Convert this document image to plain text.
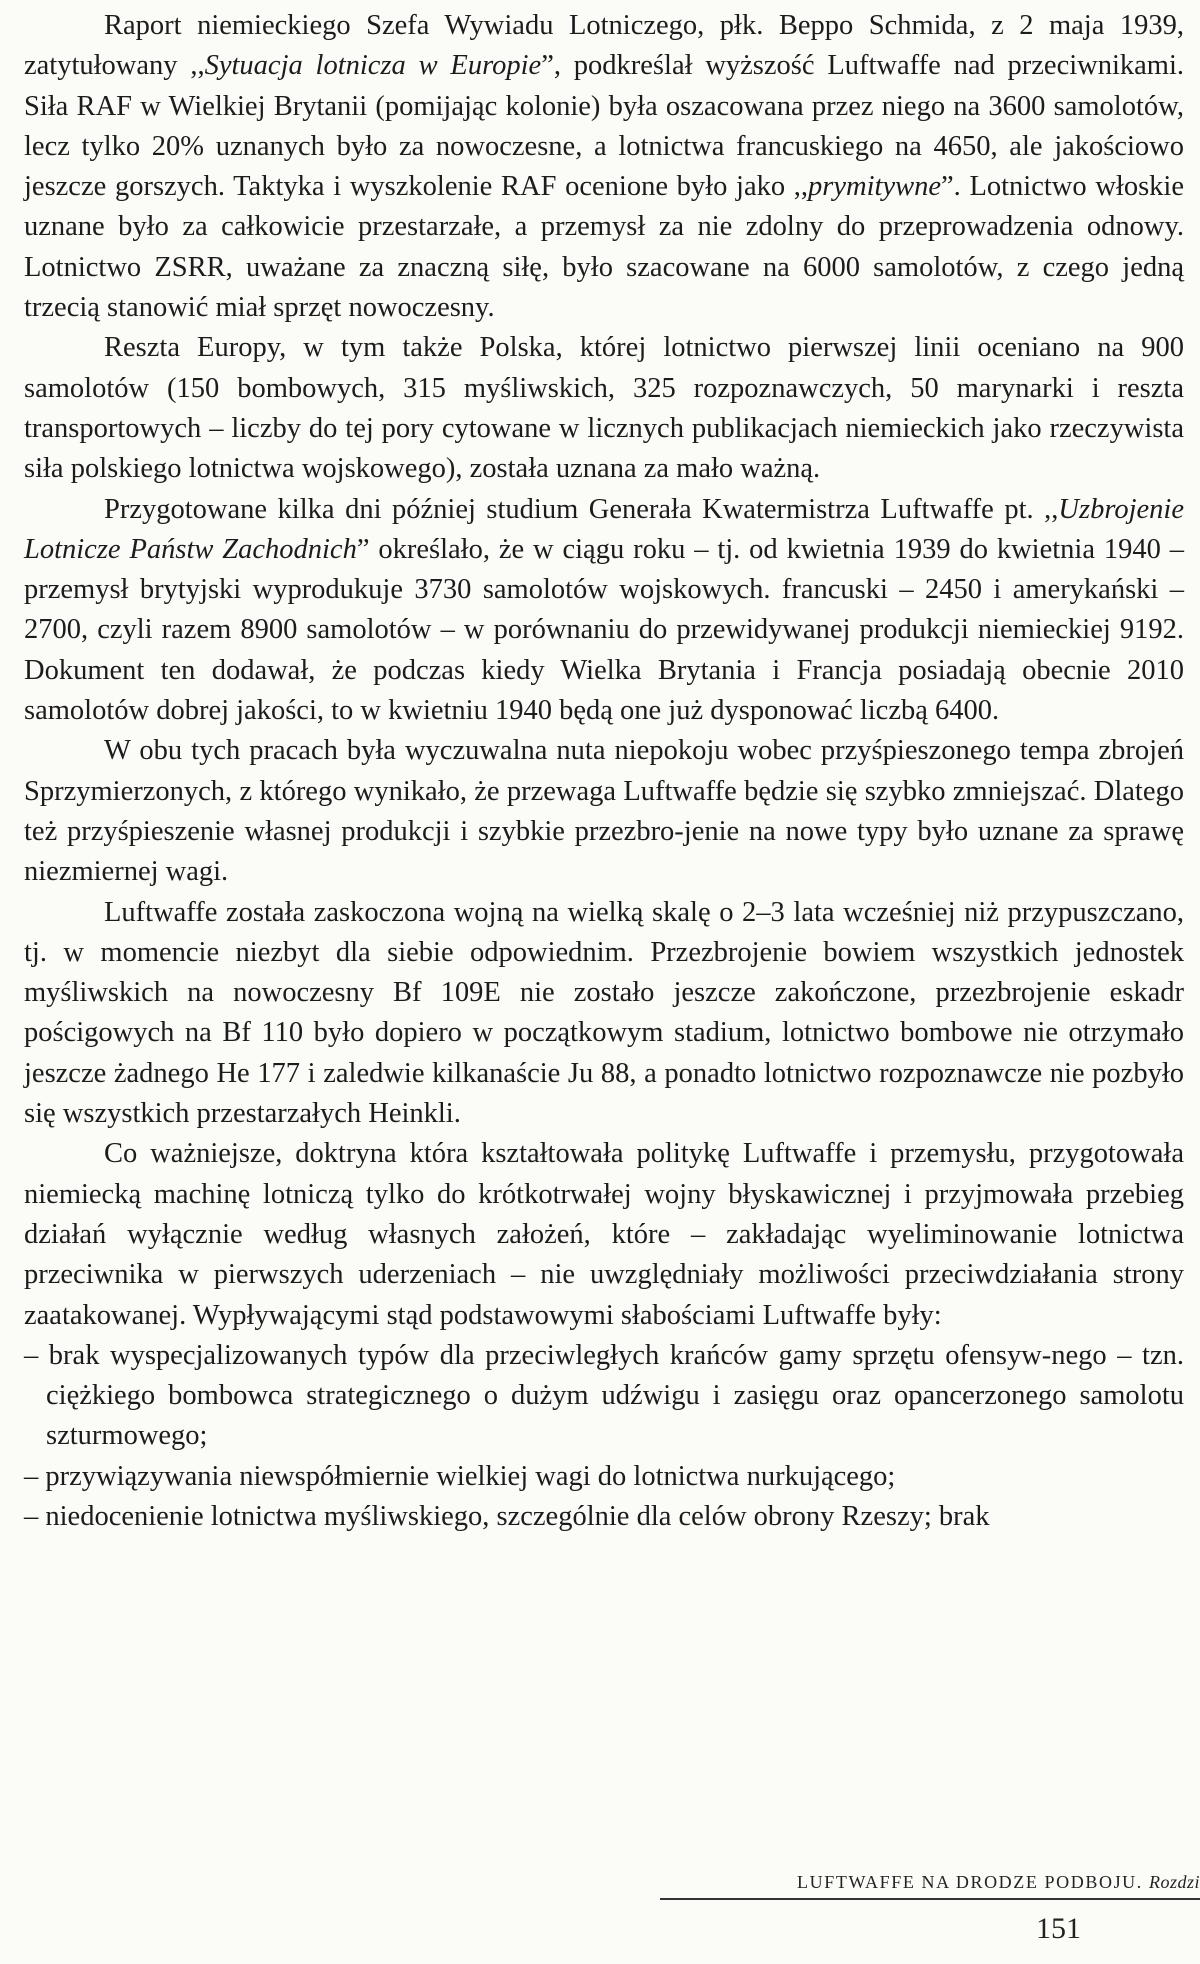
Raport niemieckiego Szefa Wywiadu Lotniczego, płk. Beppo Schmida, z 2 maja 1939, zatytułowany ,,Sytuacja lotnicza w Europie”, podkreślał wyższość Luftwaffe nad przeciwnikami. Siła RAF w Wielkiej Brytanii (pomijając kolonie) była oszacowana przez niego na 3600 samolotów, lecz tylko 20% uznanych było za nowoczesne, a lotnictwa francuskiego na 4650, ale jakościowo jeszcze gorszych. Taktyka i wyszkolenie RAF ocenione było jako ,,prymitywne”. Lotnictwo włoskie uznane było za całkowicie przestarzałe, a przemysł za nie zdolny do przeprowadzenia odnowy. Lotnictwo ZSRR, uważane za znaczną siłę, było szacowane na 6000 samolotów, z czego jedną trzecią stanowić miał sprzęt nowoczesny.

Reszta Europy, w tym także Polska, której lotnictwo pierwszej linii oceniano na 900 samolotów (150 bombowych, 315 myśliwskich, 325 rozpoznawczych, 50 marynarki i reszta transportowych – liczby do tej pory cytowane w licznych publikacjach niemieckich jako rzeczywista siła polskiego lotnictwa wojskowego), została uznana za mało ważną.

Przygotowane kilka dni później studium Generała Kwatermistrza Luftwaffe pt. ,,Uzbrojenie Lotnicze Państw Zachodnich” określało, że w ciągu roku – tj. od kwietnia 1939 do kwietnia 1940 – przemysł brytyjski wyprodukuje 3730 samolotów wojskowych. francuski – 2450 i amerykański – 2700, czyli razem 8900 samolotów – w porównaniu do przewidywanej produkcji niemieckiej 9192. Dokument ten dodawał, że podczas kiedy Wielka Brytania i Francja posiadają obecnie 2010 samolotów dobrej jakości, to w kwietniu 1940 będą one już dysponować liczbą 6400.

W obu tych pracach była wyczuwalna nuta niepokoju wobec przyśpieszonego tempa zbrojeń Sprzymierzonych, z którego wynikało, że przewaga Luftwaffe będzie się szybko zmniejszać. Dlatego też przyśpieszenie własnej produkcji i szybkie przezbro-jenie na nowe typy było uznane za sprawę niezmiernej wagi.

Luftwaffe została zaskoczona wojną na wielką skalę o 2–3 lata wcześniej niż przypuszczano, tj. w momencie niezbyt dla siebie odpowiednim. Przezbrojenie bowiem wszystkich jednostek myśliwskich na nowoczesny Bf 109E nie zostało jeszcze zakończone, przezbrojenie eskadr pościgowych na Bf 110 było dopiero w początkowym stadium, lotnictwo bombowe nie otrzymało jeszcze żadnego He 177 i zaledwie kilkanaście Ju 88, a ponadto lotnictwo rozpoznawcze nie pozbyło się wszystkich przestarzałych Heinkli.

Co ważniejsze, doktryna która kształtowała politykę Luftwaffe i przemysłu, przygotowała niemiecką machinę lotniczą tylko do krótkotrwałej wojny błyskawicznej i przyjmowała przebieg działań wyłącznie według własnych założeń, które – zakładając wyeliminowanie lotnictwa przeciwnika w pierwszych uderzeniach – nie uwzględniały możliwości przeciwdziałania strony zaatakowanej. Wypływającymi stąd podstawowymi słabościami Luftwaffe były:

– brak wyspecjalizowanych typów dla przeciwległych krańców gamy sprzętu ofensyw-nego – tzn. ciężkiego bombowca strategicznego o dużym udźwigu i zasięgu oraz opancerzonego samolotu szturmowego;

– przywiązywania niewspółmiernie wielkiej wagi do lotnictwa nurkującego;

– niedocenienie lotnictwa myśliwskiego, szczególnie dla celów obrony Rzeszy; brak

LUFTWAFFE NA DRODZE PODBOJU. Rozdzi
151
